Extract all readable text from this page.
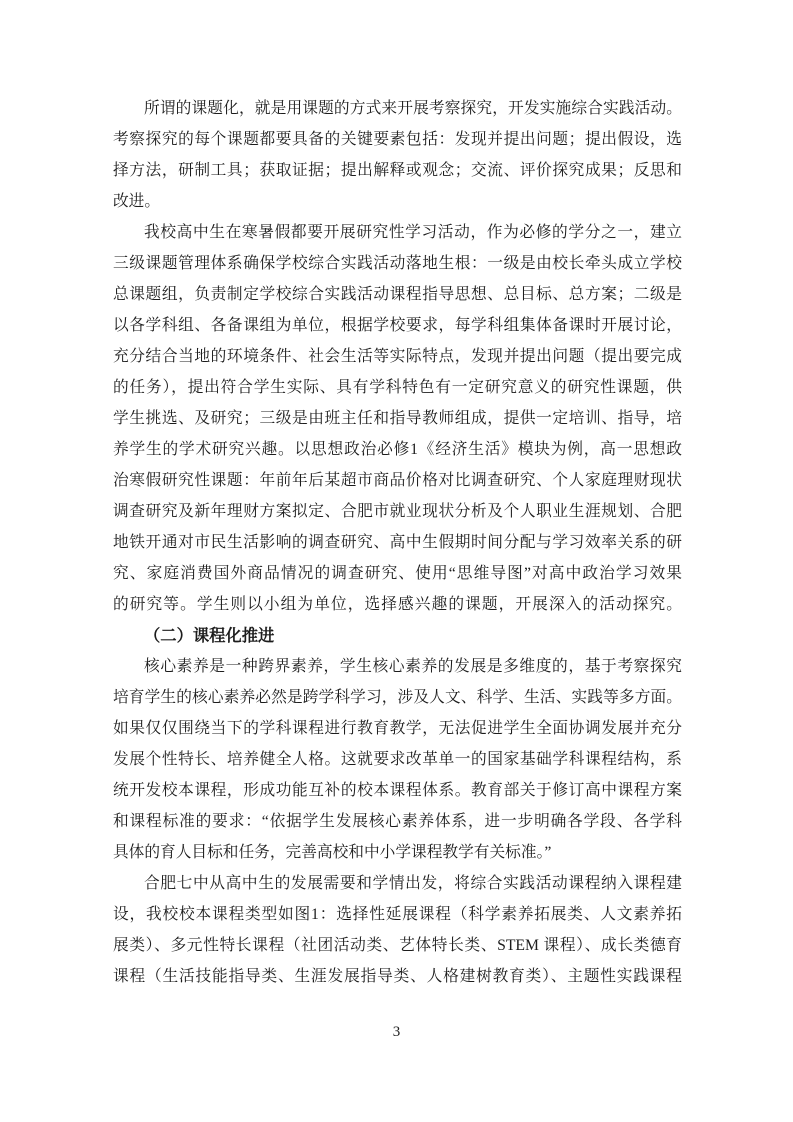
所谓的课题化，就是用课题的方式来开展考察探究，开发实施综合实践活动。
考察探究的每个课题都要具备的关键要素包括：发现并提出问题；提出假设，选
择方法，研制工具；获取证据；提出解释或观念；交流、评价探究成果；反思和
改进。
我校高中生在寒暑假都要开展研究性学习活动，作为必修的学分之一，建立
三级课题管理体系确保学校综合实践活动落地生根：一级是由校长牵头成立学校
总课题组，负责制定学校综合实践活动课程指导思想、总目标、总方案；二级是
以各学科组、各备课组为单位，根据学校要求，每学科组集体备课时开展讨论，
充分结合当地的环境条件、社会生活等实际特点，发现并提出问题（提出要完成
的任务），提出符合学生实际、具有学科特色有一定研究意义的研究性课题，供
学生挑选、及研究；三级是由班主任和指导教师组成，提供一定培训、指导，培
养学生的学术研究兴趣。以思想政治必修1《经济生活》模块为例，高一思想政
治寒假研究性课题：年前年后某超市商品价格对比调查研究、个人家庭理财现状
调查研究及新年理财方案拟定、合肥市就业现状分析及个人职业生涯规划、合肥
地铁开通对市民生活影响的调查研究、高中生假期时间分配与学习效率关系的研
究、家庭消费国外商品情况的调查研究、使用“思维导图”对高中政治学习效果
的研究等。学生则以小组为单位，选择感兴趣的课题，开展深入的活动探究。
（二）课程化推进
核心素养是一种跨界素养，学生核心素养的发展是多维度的，基于考察探究
培育学生的核心素养必然是跨学科学习，涉及人文、科学、生活、实践等多方面。
如果仅仅围绕当下的学科课程进行教育教学，无法促进学生全面协调发展并充分
发展个性特长、培养健全人格。这就要求改革单一的国家基础学科课程结构，系
统开发校本课程，形成功能互补的校本课程体系。教育部关于修订高中课程方案
和课程标准的要求：“依据学生发展核心素养体系，进一步明确各学段、各学科
具体的育人目标和任务，完善高校和中小学课程教学有关标准。”
合肥七中从高中生的发展需要和学情出发，将综合实践活动课程纳入课程建
设，我校校本课程类型如图1：选择性延展课程（科学素养拓展类、人文素养拓
展类）、多元性特长课程（社团活动类、艺体特长类、STEM 课程）、成长类德育
课程（生活技能指导类、生涯发展指导类、人格建树教育类）、主题性实践课程
3
